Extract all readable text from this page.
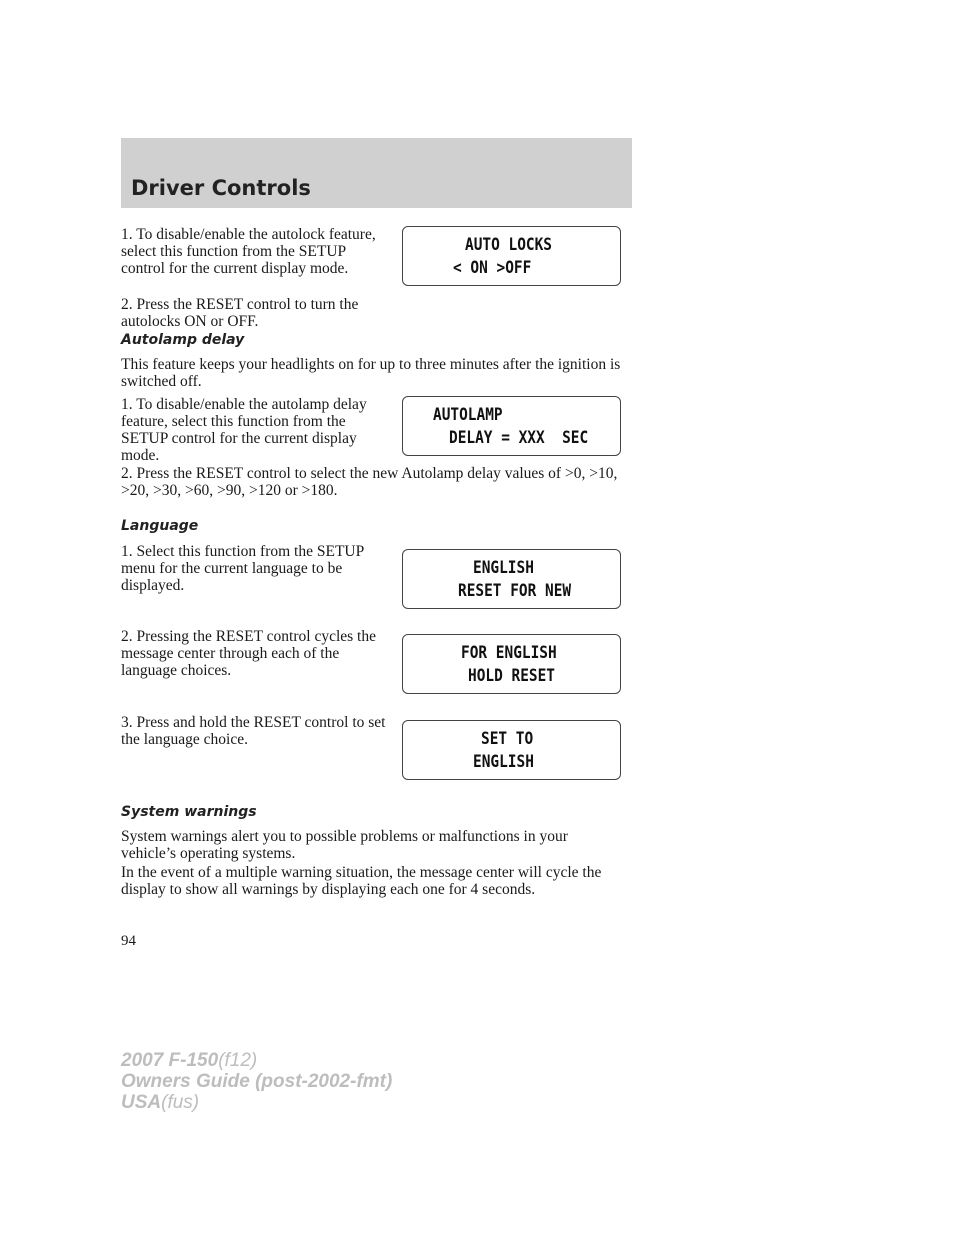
Driver Controls

1. To disable/enable the autolock feature, select this function from the SETUP control for the current display mode.

2. Press the RESET control to turn the autolocks ON or OFF.

AUTO LOCKS
< ON >OFF
Autolamp delay

This feature keeps your headlights on for up to three minutes after the ignition is switched off.

1. To disable/enable the autolamp delay feature, select this function from the SETUP control for the current display mode.

AUTOLAMP
DELAY = XXX  SEC

2. Press the RESET control to select the new Autolamp delay values of >0, >10, >20, >30, >60, >90, >120 or >180.

Language

1. Select this function from the SETUP menu for the current language to be displayed.

ENGLISH
RESET FOR NEW

2. Pressing the RESET control cycles the message center through each of the language choices.

FOR ENGLISH
HOLD RESET

3. Press and hold the RESET control to set the language choice.	SET TO
ENGLISH
System warnings

System warnings alert you to possible problems or malfunctions in your vehicle’s operating systems.

In the event of a multiple warning situation, the message center will cycle the display to show all warnings by displaying each one for 4 seconds.

94
2007 F-150(f12)
Owners Guide (post-2002-fmt)
USA(fus)
